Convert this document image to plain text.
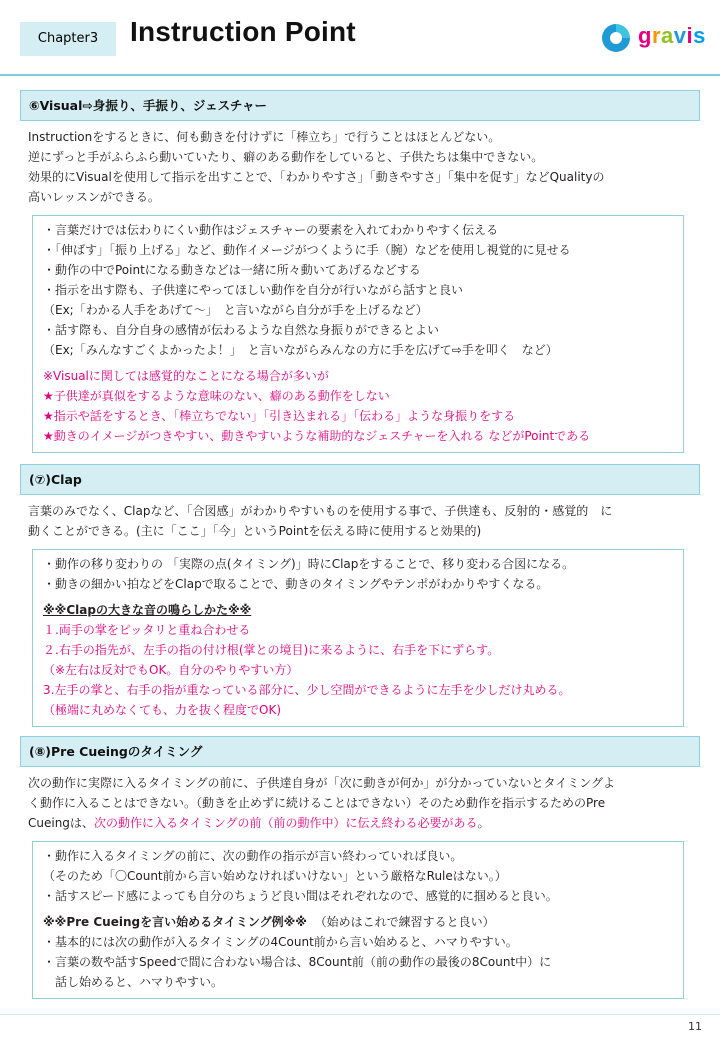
Chapter3	Instruction Point	gravis
⑥Visual⇨身振り、手振り、ジェスチャー

Instructionをするときに、何も動きを付けずに「棒立ち」で行うことはほとんどない。

逆にずっと手がふらふら動いていたり、癖のある動作をしていると、子供たちは集中できない。

効果的にVisualを使用して指示を出すことで、「わかりやすさ」「動きやすさ」「集中を促す」などQualityの

高いレッスンができる。

・言葉だけでは伝わりにくい動作はジェスチャーの要素を入れてわかりやすく伝える

・「伸ばす」「振り上げる」など、動作イメージがつくように手（腕）などを使用し視覚的に見せる

・動作の中でPointになる動きなどは一緒に所々動いてあげるなどする

・指示を出す際も、子供達にやってほしい動作を自分が行いながら話すと良い

（Ex;「わかる人手をあげて～」　と言いながら自分が手を上げるなど）

・話す際も、自分自身の感情が伝わるような自然な身振りができるとよい

（Ex;「みんなすごくよかったよ！」　と言いながらみんなの方に手を広げて⇨手を叩く　など）

※Visualに関しては感覚的なことになる場合が多いが

★子供達が真似をするような意味のない、癖のある動作をしない

★指示や話をするとき、「棒立ちでない」「引き込まれる」「伝わる」ような身振りをする

★動きのイメージがつきやすい、動きやすいような補助的なジェスチャーを入れる などがPointである

(⑦)Clap

言葉のみでなく、Clapなど、「合図感」がわかりやすいものを使用する事で、子供達も、反射的・感覚的　に

動くことができる。(主に「ここ」「今」というPointを伝える時に使用すると効果的)

・動作の移り変わりの 「実際の点(タイミング)」時にClapをすることで、移り変わる合図になる。

・動きの細かい拍などをClapで取ることで、動きのタイミングやテンポがわかりやすくなる。

※※Clapの大きな音の鳴らしかた※※

１.両手の掌をピッタリと重ね合わせる

２.右手の指先が、左手の指の付け根(掌との境目)に来るように、右手を下にずらす。

（※左右は反対でもOK。自分のやりやすい方）

3.左手の掌と、右手の指が重なっている部分に、少し空間ができるように左手を少しだけ丸める。

（極端に丸めなくても、力を抜く程度でOK)

(⑧)Pre Cueingのタイミング

次の動作に実際に入るタイミングの前に、子供達自身が「次に動きが何か」が分かっていないとタイミングよ

く動作に入ることはできない。（動きを止めずに続けることはできない）そのため動作を指示するためのPre

Cueingは、次の動作に入るタイミングの前（前の動作中）に伝え終わる必要がある。

・動作に入るタイミングの前に、次の動作の指示が言い終わっていれば良い。

（そのため「〇Count前から言い始めなければいけない」という厳格なRuleはない。）

・話すスピード感によっても自分のちょうど良い間はそれぞれなので、感覚的に掴めると良い。

※※Pre Cueingを言い始めるタイミング例※※ （始めはこれで練習すると良い）

・基本的には次の動作が入るタイミングの4Count前から言い始めると、ハマりやすい。

・言葉の数や話すSpeedで間に合わない場合は、8Count前（前の動作の最後の8Count中）に

　話し始めると、ハマりやすい。

11
